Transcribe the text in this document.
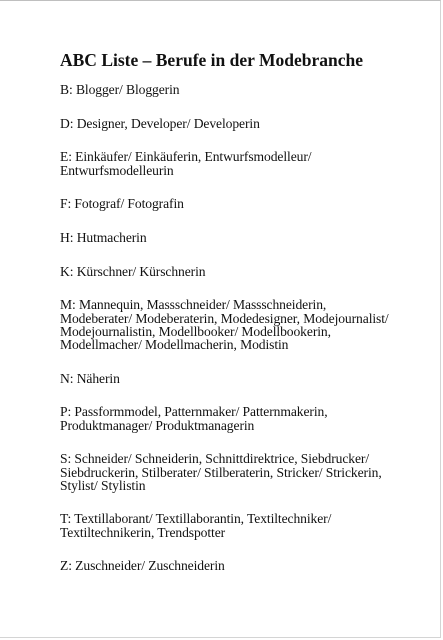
ABC Liste – Berufe in der Modebranche
B: Blogger/ Bloggerin
D: Designer, Developer/ Developerin
E: Einkäufer/ Einkäuferin, Entwurfsmodelleur/ Entwurfsmodelleurin
F: Fotograf/ Fotografin
H: Hutmacherin
K: Kürschner/ Kürschnerin
M: Mannequin, Massschneider/ Massschneiderin, Modeberater/ Modeberaterin, Modedesigner, Modejournalist/ Modejournalistin, Modellbooker/ Modellbookerin, Modellmacher/ Modellmacherin, Modistin
N: Näherin
P: Passformmodel, Patternmaker/ Patternmakerin, Produktmanager/ Produktmanagerin
S: Schneider/ Schneiderin, Schnittdirektrice, Siebdrucker/ Siebdruckerin, Stilberater/ Stilberaterin, Stricker/ Strickerin, Stylist/ Stylistin
T: Textillaborant/ Textillaborantin, Textiltechniker/ Textiltechnikerin, Trendspotter
Z: Zuschneider/ Zuschneiderin
